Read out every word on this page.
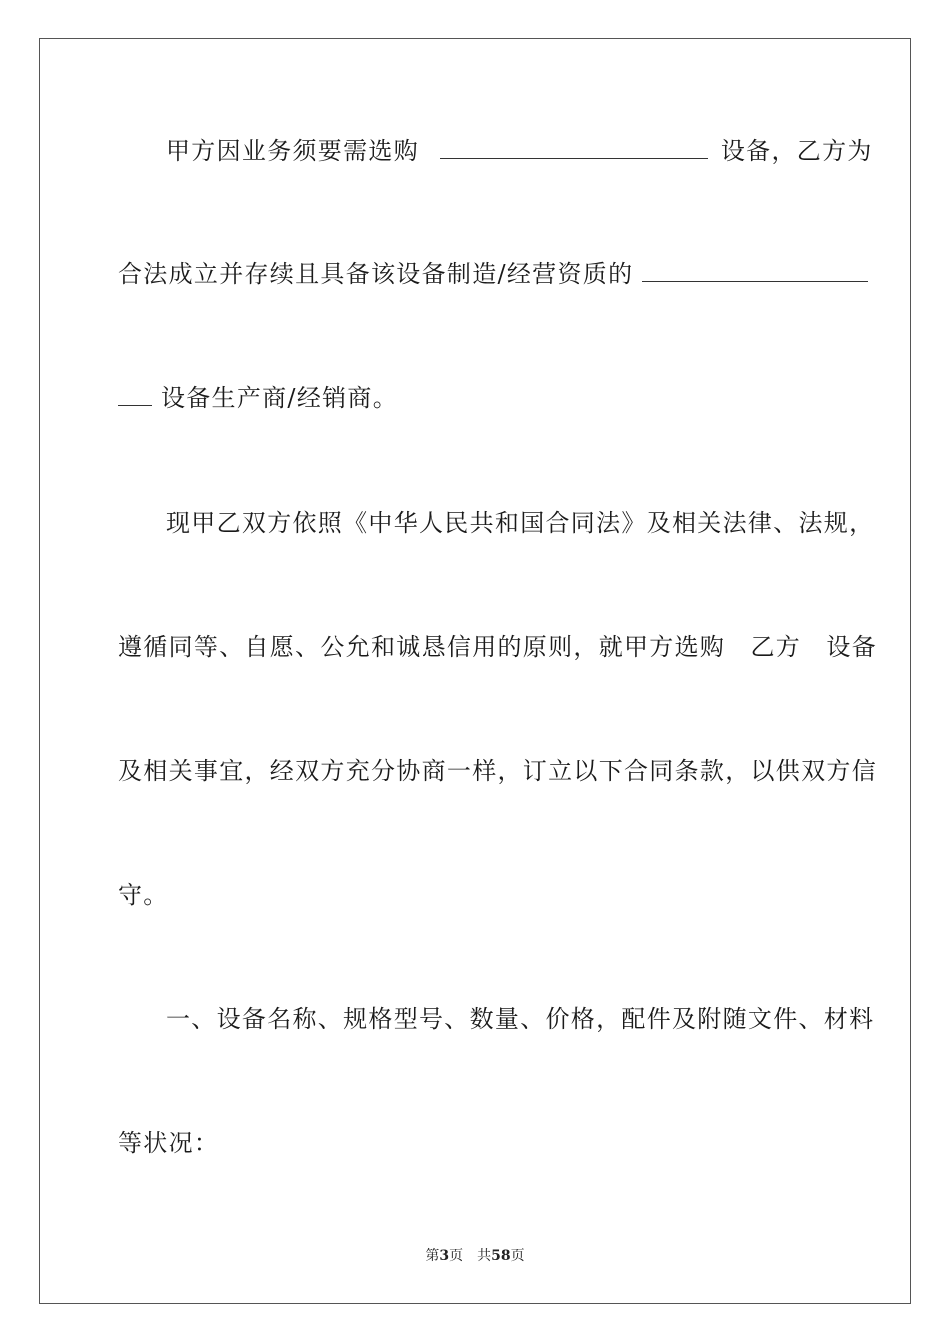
甲方因业务须要需选购	设备，乙方为
合法成立并存续且具备该设备制造/经营资质的
设备生产商/经销商。
现甲乙双方依照《中华人民共和国合同法》及相关法律、法规，
遵循同等、自愿、公允和诚恳信用的原则，就甲方选购　乙方　设备
及相关事宜，经双方充分协商一样，订立以下合同条款，以供双方信
守。
一、设备名称、规格型号、数量、价格，配件及附随文件、材料
等状况：
第3页　共58页
